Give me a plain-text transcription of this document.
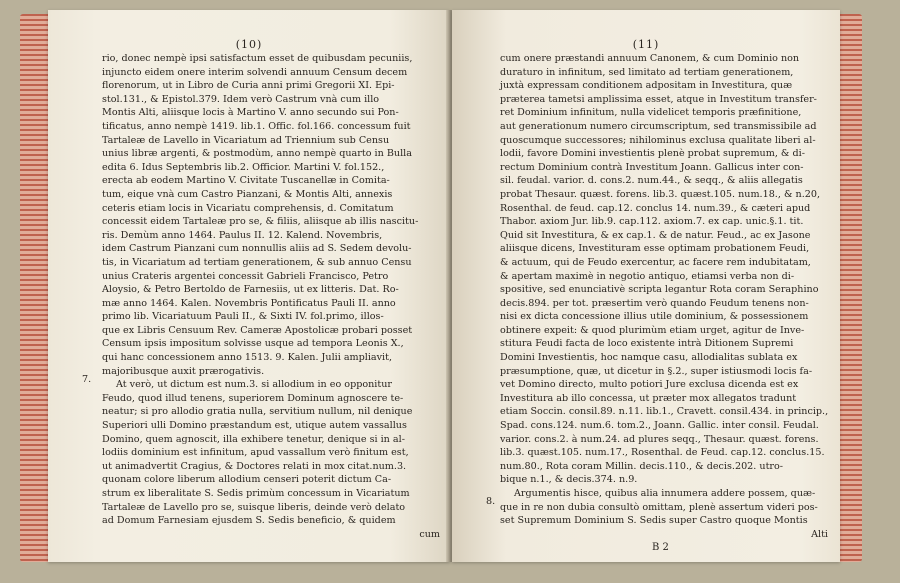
(10)
7.
rio, donec nempè ipsi satisfactum esset de quibusdam pecuniis,
injuncto eidem onere interim solvendi annuum Censum decem
florenorum, ut in Libro de Curia anni primi Gregorii XI. Epi-
stol.131., & Epistol.379. Idem verò Castrum vnà cum illo
Montis Alti, aliisque locis à Martino V. anno secundo sui Pon-
tificatus, anno nempè 1419. lib.1. Offic. fol.166. concessum fuit
Tartaleæ de Lavello in Vicariatum ad Triennium sub Censu
unius libræ argenti, & postmodùm, anno nempè quarto in Bulla
edita 6. Idus Septembris lib.2. Officior. Martini V. fol.152.,
erecta ab eodem Martino V. Civitate Tuscanellæ in Comita-
tum, eique vnà cum Castro Pianzani, & Montis Alti, annexis
ceteris etiam locis in Vicariatu comprehensis, d. Comitatum
concessit eidem Tartaleæ pro se, & filiis, aliisque ab illis nascitu-
ris. Demùm anno 1464. Paulus II. 12. Kalend. Novembris,
idem Castrum Pianzani cum nonnullis aliis ad S. Sedem devolu-
tis, in Vicariatum ad tertiam generationem, & sub annuo Censu
unius Crateris argentei concessit Gabrieli Francisco, Petro
Aloysio, & Petro Bertoldo de Farnesiis, ut ex litteris. Dat. Ro-
mæ anno 1464. Kalen. Novembris Pontificatus Pauli II. anno
primo lib. Vicariatuum Pauli II., & Sixti IV. fol.primo, illos-
que ex Libris Censuum Rev. Cameræ Apostolicæ probari posset
Censum ipsis impositum solvisse usque ad tempora Leonis X.,
qui hanc concessionem anno 1513. 9. Kalen. Julii ampliavit,
majoribusque auxit prærogativis.
At verò, ut dictum est num.3. si allodium in eo opponitur
Feudo, quod illud tenens, superiorem Dominum agnoscere te-
neatur; si pro allodio gratia nulla, servitium nullum, nil denique
Superiori ulli Domino præstandum est, utique autem vassallus
Domino, quem agnoscit, illa exhibere tenetur, denique si in al-
lodiis dominium est infinitum, apud vassallum verò finitum est,
ut animadvertit Cragius, & Doctores relati in mox citat.num.3.
quonam colore liberum allodium censeri poterit dictum Ca-
strum ex liberalitate S. Sedis primùm concessum in Vicariatum
Tartaleæ de Lavello pro se, suisque liberis, deinde verò delato
ad Domum Farnesiam ejusdem S. Sedis beneficio, & quidem
cum
(11)
8.
cum onere præstandi annuum Canonem, & cum Dominio non
duraturo in infinitum, sed limitato ad tertiam generationem,
juxtà expressam conditionem adpositam in Investitura, quæ
præterea tametsi amplissima esset, atque in Investitum transfer-
ret Dominium infinitum, nulla videlicet temporis præfinitione,
aut generationum numero circumscriptum, sed transmissibile ad
quoscumque successores; nihilominus exclusa qualitate liberi al-
lodii, favore Domini investientis plenè probat supremum, & di-
rectum Dominium contrà Investitum Joann. Gallicus inter con-
sil. feudal. varior. d. cons.2. num.44., & seqq., & aliis allegatis
probat Thesaur. quæst. forens. lib.3. quæst.105. num.18., & n.20,
Rosenthal. de feud. cap.12. conclus 14. num.39., & cæteri apud
Thabor. axiom Jur. lib.9. cap.112. axiom.7. ex cap. unic.§.1. tit.
Quid sit Investitura, & ex cap.1. & de natur. Feud., ac ex Jasone
aliisque dicens, Investituram esse optimam probationem Feudi,
& actuum, qui de Feudo exercentur, ac facere rem indubitatam,
& apertam maximè in negotio antiquo, etiamsi verba non di-
spositive, sed enunciativè scripta legantur Rota coram Seraphino
decis.894. per tot. præsertim verò quando Feudum tenens non-
nisi ex dicta concessione illius utile dominium, & possessionem
obtinere expeit: & quod plurimùm etiam urget, agitur de Inve-
stitura Feudi facta de loco existente intrà Ditionem Supremi
Domini Investientis, hoc namque casu, allodialitas sublata ex
præsumptione, quæ, ut dicetur in §.2., super istiusmodi locis fa-
vet Domino directo, multo potiori Jure exclusa dicenda est ex
Investitura ab illo concessa, ut præter mox allegatos tradunt
etiam Soccin. consil.89. n.11. lib.1., Cravett. consil.434. in princip.,
Spad. cons.124. num.6. tom.2., Joann. Gallic. inter consil. Feudal.
varior. cons.2. à num.24. ad plures seqq., Thesaur. quæst. forens.
lib.3. quæst.105. num.17., Rosenthal. de Feud. cap.12. conclus.15.
num.80., Rota coram Millin. decis.110., & decis.202. utro-
bique n.1., & decis.374. n.9.
Argumentis hisce, quibus alia innumera addere possem, quæ-
que in re non dubia consultò omittam, plenè assertum videri pos-
set Supremum Dominium S. Sedis super Castro quoque Montis
Alti
B 2
